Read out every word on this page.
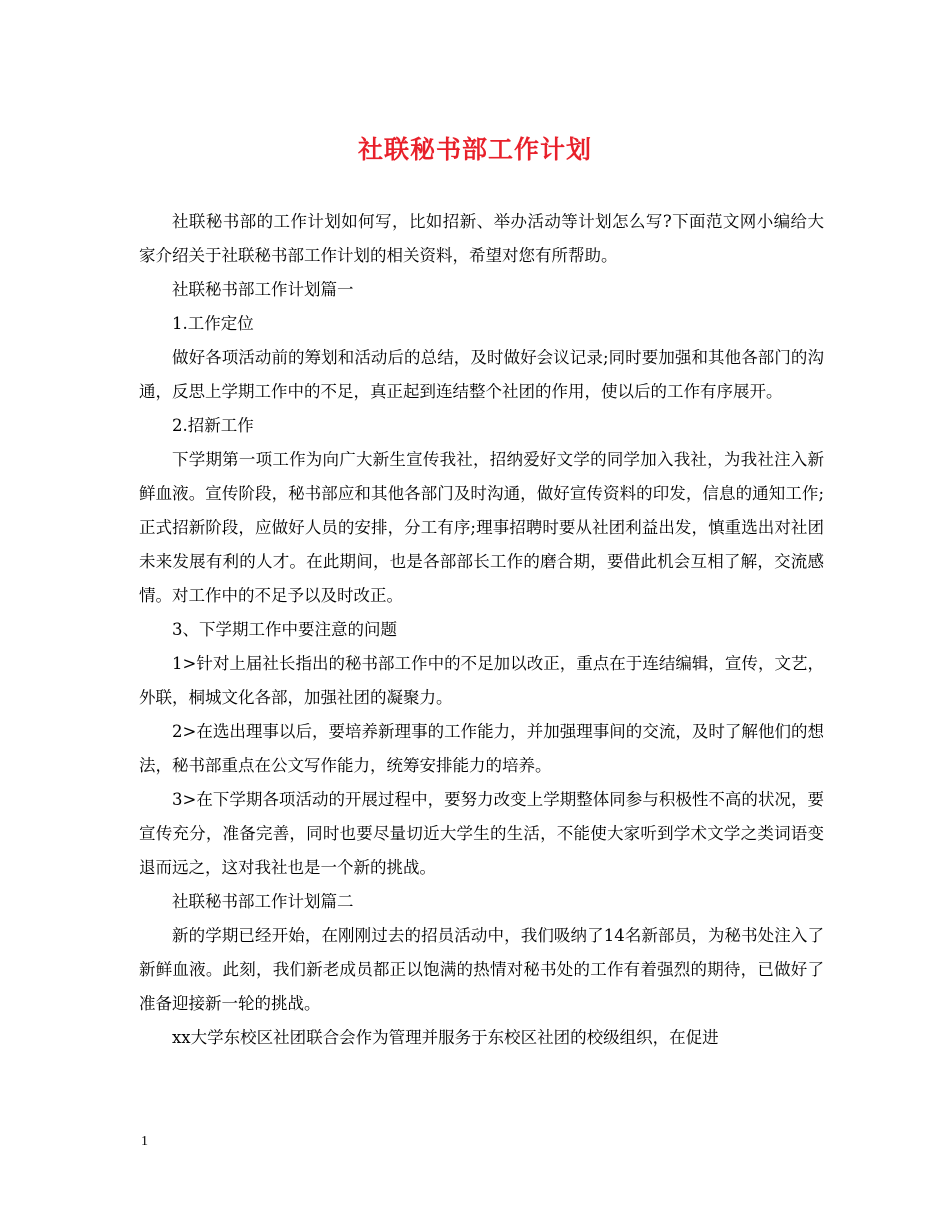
社联秘书部工作计划

社联秘书部的工作计划如何写，比如招新、举办活动等计划怎么写?下面范文网小编给大家介绍关于社联秘书部工作计划的相关资料，希望对您有所帮助。

社联秘书部工作计划篇一

1.工作定位

做好各项活动前的筹划和活动后的总结，及时做好会议记录;同时要加强和其他各部门的沟通，反思上学期工作中的不足，真正起到连结整个社团的作用，使以后的工作有序展开。

2.招新工作

下学期第一项工作为向广大新生宣传我社，招纳爱好文学的同学加入我社，为我社注入新鲜血液。宣传阶段，秘书部应和其他各部门及时沟通，做好宣传资料的印发，信息的通知工作;正式招新阶段，应做好人员的安排，分工有序;理事招聘时要从社团利益出发，慎重选出对社团未来发展有利的人才。在此期间，也是各部部长工作的磨合期，要借此机会互相了解，交流感情。对工作中的不足予以及时改正。

3、下学期工作中要注意的问题

1>针对上届社长指出的秘书部工作中的不足加以改正，重点在于连结编辑，宣传，文艺，外联，桐城文化各部，加强社团的凝聚力。

2>在选出理事以后，要培养新理事的工作能力，并加强理事间的交流，及时了解他们的想法，秘书部重点在公文写作能力，统筹安排能力的培养。

3>在下学期各项活动的开展过程中，要努力改变上学期整体同参与积极性不高的状况，要宣传充分，准备完善，同时也要尽量切近大学生的生活，不能使大家听到学术文学之类词语变退而远之，这对我社也是一个新的挑战。

社联秘书部工作计划篇二

新的学期已经开始，在刚刚过去的招员活动中，我们吸纳了14名新部员，为秘书处注入了新鲜血液。此刻，我们新老成员都正以饱满的热情对秘书处的工作有着强烈的期待，已做好了准备迎接新一轮的挑战。

xx大学东校区社团联合会作为管理并服务于东校区社团的校级组织，在促进

1
